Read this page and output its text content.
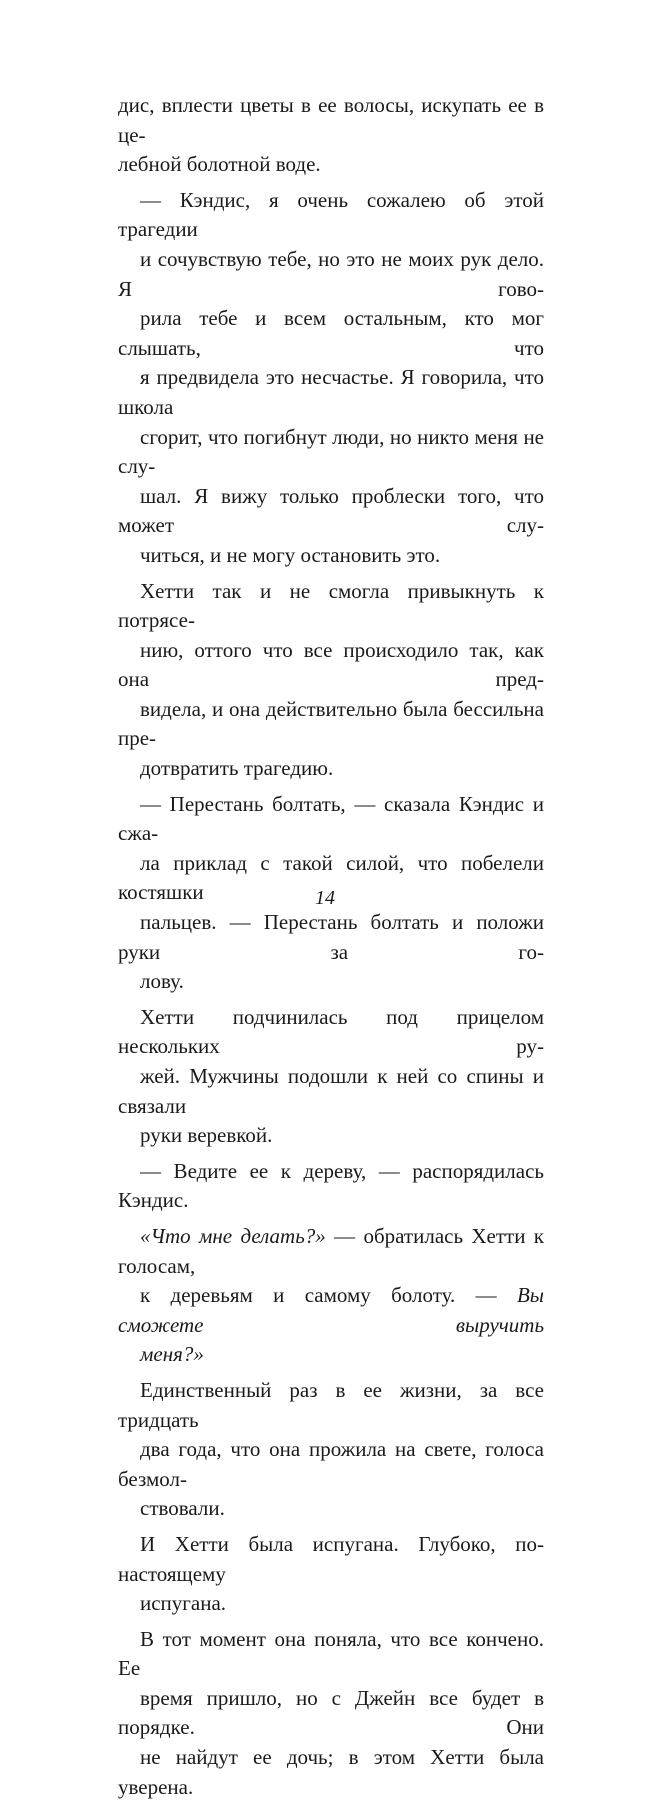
дис, вплести цветы в ее волосы, искупать ее в це-
лебной болотной воде.

— Кэндис, я очень сожалею об этой трагедии
и сочувствую тебе, но это не моих рук дело. Я гово-
рила тебе и всем остальным, кто мог слышать, что
я предвидела это несчастье. Я говорила, что школа
сгорит, что погибнут люди, но никто меня не слу-
шал. Я вижу только проблески того, что может слу-
читься, и не могу остановить это.

Хетти так и не смогла привыкнуть к потрясе-
нию, оттого что все происходило так, как она пред-
видела, и она действительно была бессильна пре-
дотвратить трагедию.

— Перестань болтать, — сказала Кэндис и сжа-
ла приклад с такой силой, что побелели костяшки
пальцев. — Перестань болтать и положи руки за го-
лову.

Хетти подчинилась под прицелом нескольких ру-
жей. Мужчины подошли к ней со спины и связали
руки веревкой.

— Ведите ее к дереву, — распорядилась Кэндис.

«Что мне делать?» — обратилась Хетти к голосам,
к деревьям и самому болоту. — Вы сможете выручить
меня?»

Единственный раз в ее жизни, за все тридцать
два года, что она прожила на свете, голоса безмол-
ствовали.

И Хетти была испугана. Глубоко, по-настоящему
испугана.

В тот момент она поняла, что все кончено. Ее
время пришло, но с Джейн все будет в порядке. Они
не найдут ее дочь; в этом Хетти была уверена.

14
